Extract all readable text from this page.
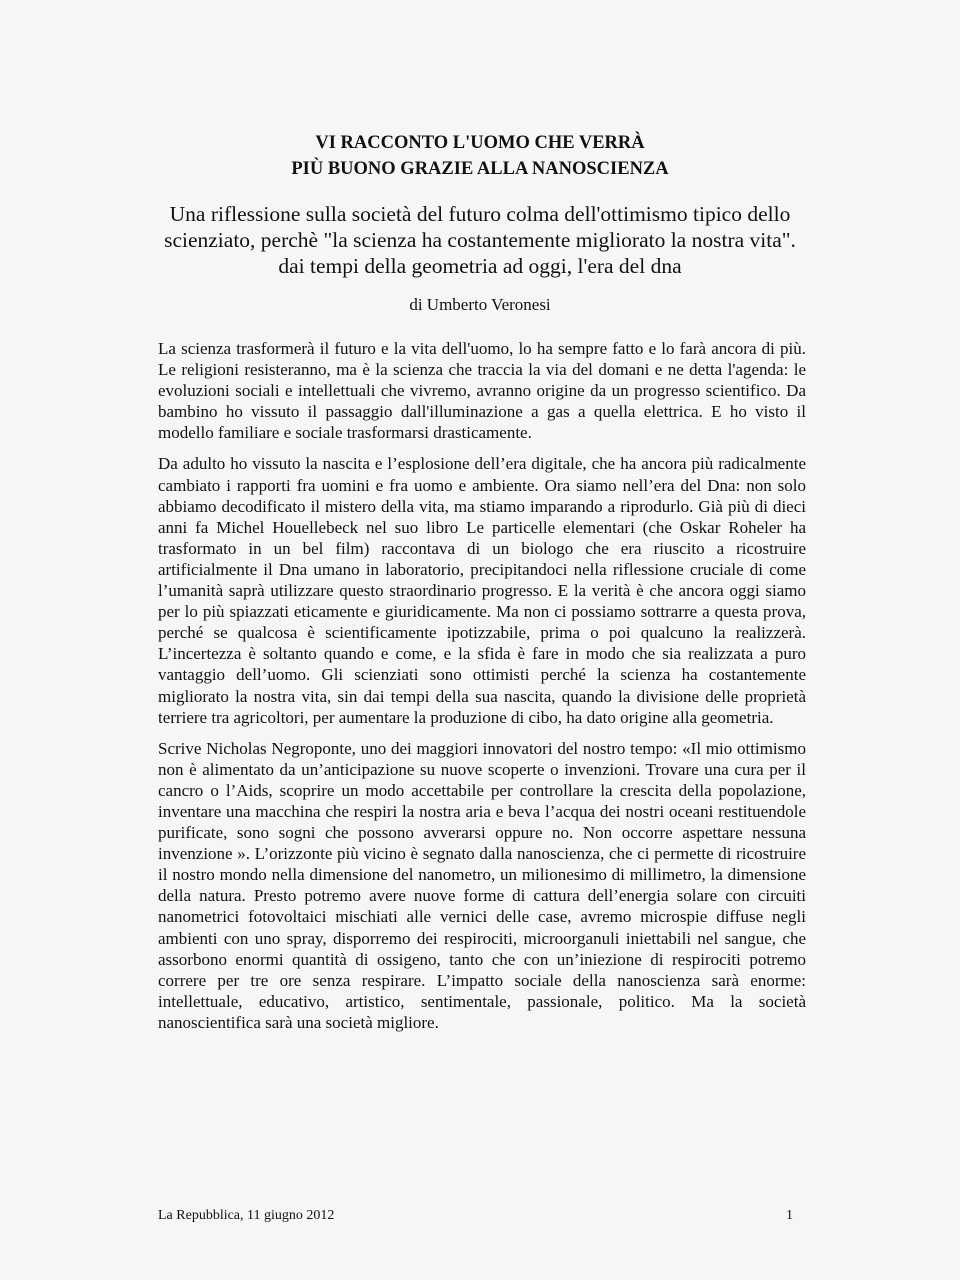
VI RACCONTO L'UOMO CHE VERRÀ
PIÙ BUONO GRAZIE ALLA NANOSCIENZA
Una riflessione sulla società del futuro colma dell'ottimismo tipico dello
scienziato, perchè "la scienza ha costantemente migliorato la nostra vita".
dai tempi della geometria ad oggi, l'era del dna
di Umberto Veronesi

La scienza trasformerà il futuro e la vita dell'uomo, lo ha sempre fatto e lo farà ancora di più. Le religioni resisteranno, ma è la scienza che traccia la via del domani e ne detta l'agenda: le evoluzioni sociali e intellettuali che vivremo, avranno origine da un progresso scientifico. Da bambino ho vissuto il passaggio dall'illuminazione a gas a quella elettrica. E ho visto il modello familiare e sociale trasformarsi drasticamente.

Da adulto ho vissuto la nascita e l’esplosione dell’era digitale, che ha ancora più radicalmente cambiato i rapporti fra uomini e fra uomo e ambiente. Ora siamo nell’era del Dna: non solo abbiamo decodificato il mistero della vita, ma stiamo imparando a riprodurlo. Già più di dieci anni fa Michel Houellebeck nel suo libro Le particelle elementari (che Oskar Roheler ha trasformato in un bel film) raccontava di un biologo che era riuscito a ricostruire artificialmente il Dna umano in laboratorio, precipitandoci nella riflessione cruciale di come l’umanità saprà utilizzare questo straordinario progresso. E la verità è che ancora oggi siamo per lo più spiazzati eticamente e giuridicamente. Ma non ci possiamo sottrarre a questa prova, perché se qualcosa è scientificamente ipotizzabile, prima o poi qualcuno la realizzerà. L’incertezza è soltanto quando e come, e la sfida è fare in modo che sia realizzata a puro vantaggio dell’uomo. Gli scienziati sono ottimisti perché la scienza ha costantemente migliorato la nostra vita, sin dai tempi della sua nascita, quando la divisione delle proprietà terriere tra agricoltori, per aumentare la produzione di cibo, ha dato origine alla geometria.

Scrive Nicholas Negroponte, uno dei maggiori innovatori del nostro tempo: «Il mio ottimismo non è alimentato da un’anticipazione su nuove scoperte o invenzioni. Trovare una cura per il cancro o l’Aids, scoprire un modo accettabile per controllare la crescita della popolazione, inventare una macchina che respiri la nostra aria e beva l’acqua dei nostri oceani restituendole purificate, sono sogni che possono avverarsi oppure no. Non occorre aspettare nessuna invenzione ». L’orizzonte più vicino è segnato dalla nanoscienza, che ci permette di ricostruire il nostro mondo nella dimensione del nanometro, un milionesimo di millimetro, la dimensione della natura. Presto potremo avere nuove forme di cattura dell’energia solare con circuiti nanometrici fotovoltaici mischiati alle vernici delle case, avremo microspie diffuse negli ambienti con uno spray, disporremo dei respirociti, microorganuli iniettabili nel sangue, che assorbono enormi quantità di ossigeno, tanto che con un’iniezione di respirociti potremo correre per tre ore senza respirare. L’impatto sociale della nanoscienza sarà enorme: intellettuale, educativo, artistico, sentimentale, passionale, politico. Ma la società nanoscientifica sarà una società migliore.

La Repubblica, 11 giugno 2012	1
